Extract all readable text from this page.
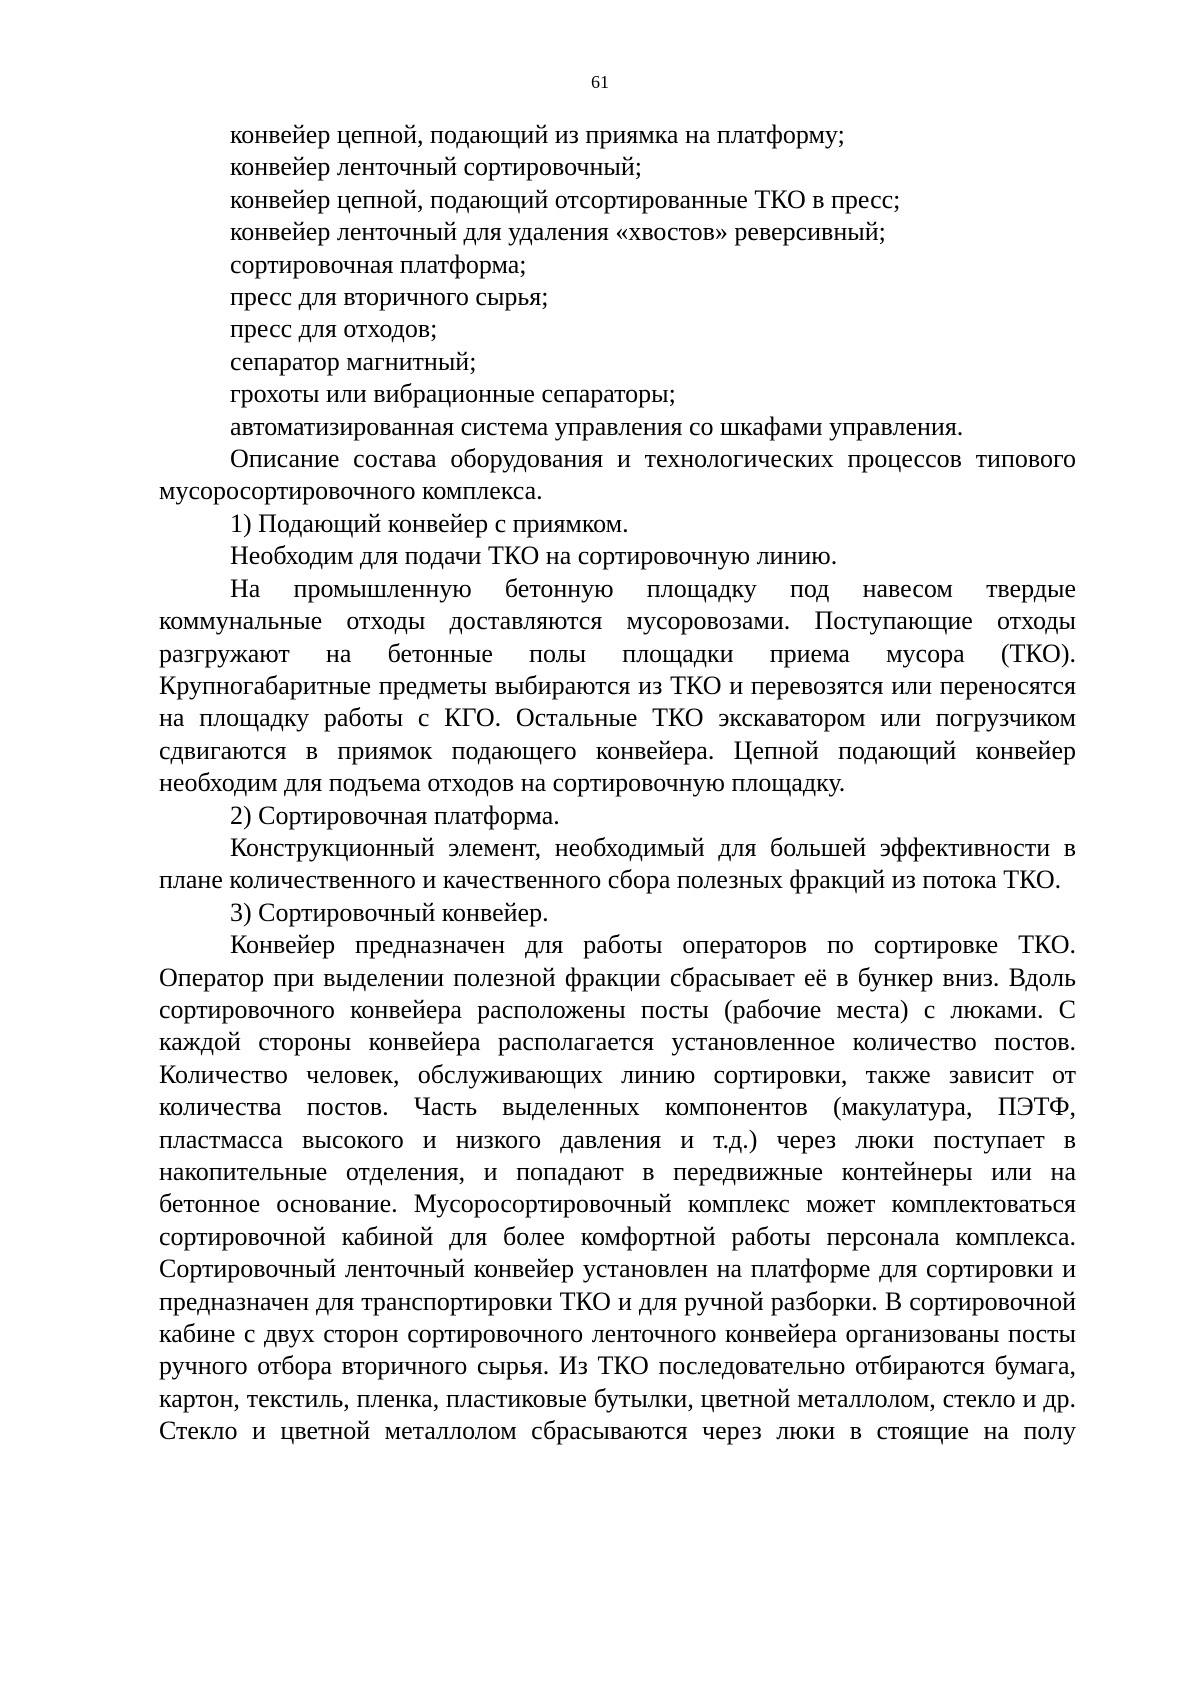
61

конвейер цепной, подающий из приямка на платформу;

конвейер ленточный сортировочный;

конвейер цепной, подающий отсортированные ТКО в пресс;

конвейер ленточный для удаления «хвостов» реверсивный;

сортировочная платформа;

пресс для вторичного сырья;

пресс для отходов;

сепаратор магнитный;

грохоты или вибрационные сепараторы;

автоматизированная система управления со шкафами управления.

Описание состава оборудования и технологических процессов типового мусоросортировочного комплекса.

1) Подающий конвейер с приямком.

Необходим для подачи ТКО на сортировочную линию.

На промышленную бетонную площадку под навесом твердые коммунальные отходы доставляются мусоровозами. Поступающие отходы разгружают на бетонные полы площадки приема мусора (ТКО). Крупногабаритные предметы выбираются из ТКО и перевозятся или переносятся на площадку работы с КГО. Остальные ТКО экскаватором или погрузчиком сдвигаются в приямок подающего конвейера. Цепной подающий конвейер необходим для подъема отходов на сортировочную площадку.

2) Сортировочная платформа.

Конструкционный элемент, необходимый для большей эффективности в плане количественного и качественного сбора полезных фракций из потока ТКО.

3) Сортировочный конвейер.

Конвейер предназначен для работы операторов по сортировке ТКО. Оператор при выделении полезной фракции сбрасывает её в бункер вниз. Вдоль сортировочного конвейера расположены посты (рабочие места) с люками. С каждой стороны конвейера располагается установленное количество постов. Количество человек, обслуживающих линию сортировки, также зависит от количества постов. Часть выделенных компонентов (макулатура, ПЭТФ, пластмасса высокого и низкого давления и т.д.) через люки поступает в накопительные отделения, и попадают в передвижные контейнеры или на бетонное основание. Мусоросортировочный комплекс может комплектоваться сортировочной кабиной для более комфортной работы персонала комплекса. Сортировочный ленточный конвейер установлен на платформе для сортировки и предназначен для транспортировки ТКО и для ручной разборки. В сортировочной кабине с двух сторон сортировочного ленточного конвейера организованы посты ручного отбора вторичного сырья. Из ТКО последовательно отбираются бумага, картон, текстиль, пленка, пластиковые бутылки, цветной металлолом, стекло и др. Стекло и цветной металлолом сбрасываются через люки в стоящие на полу
